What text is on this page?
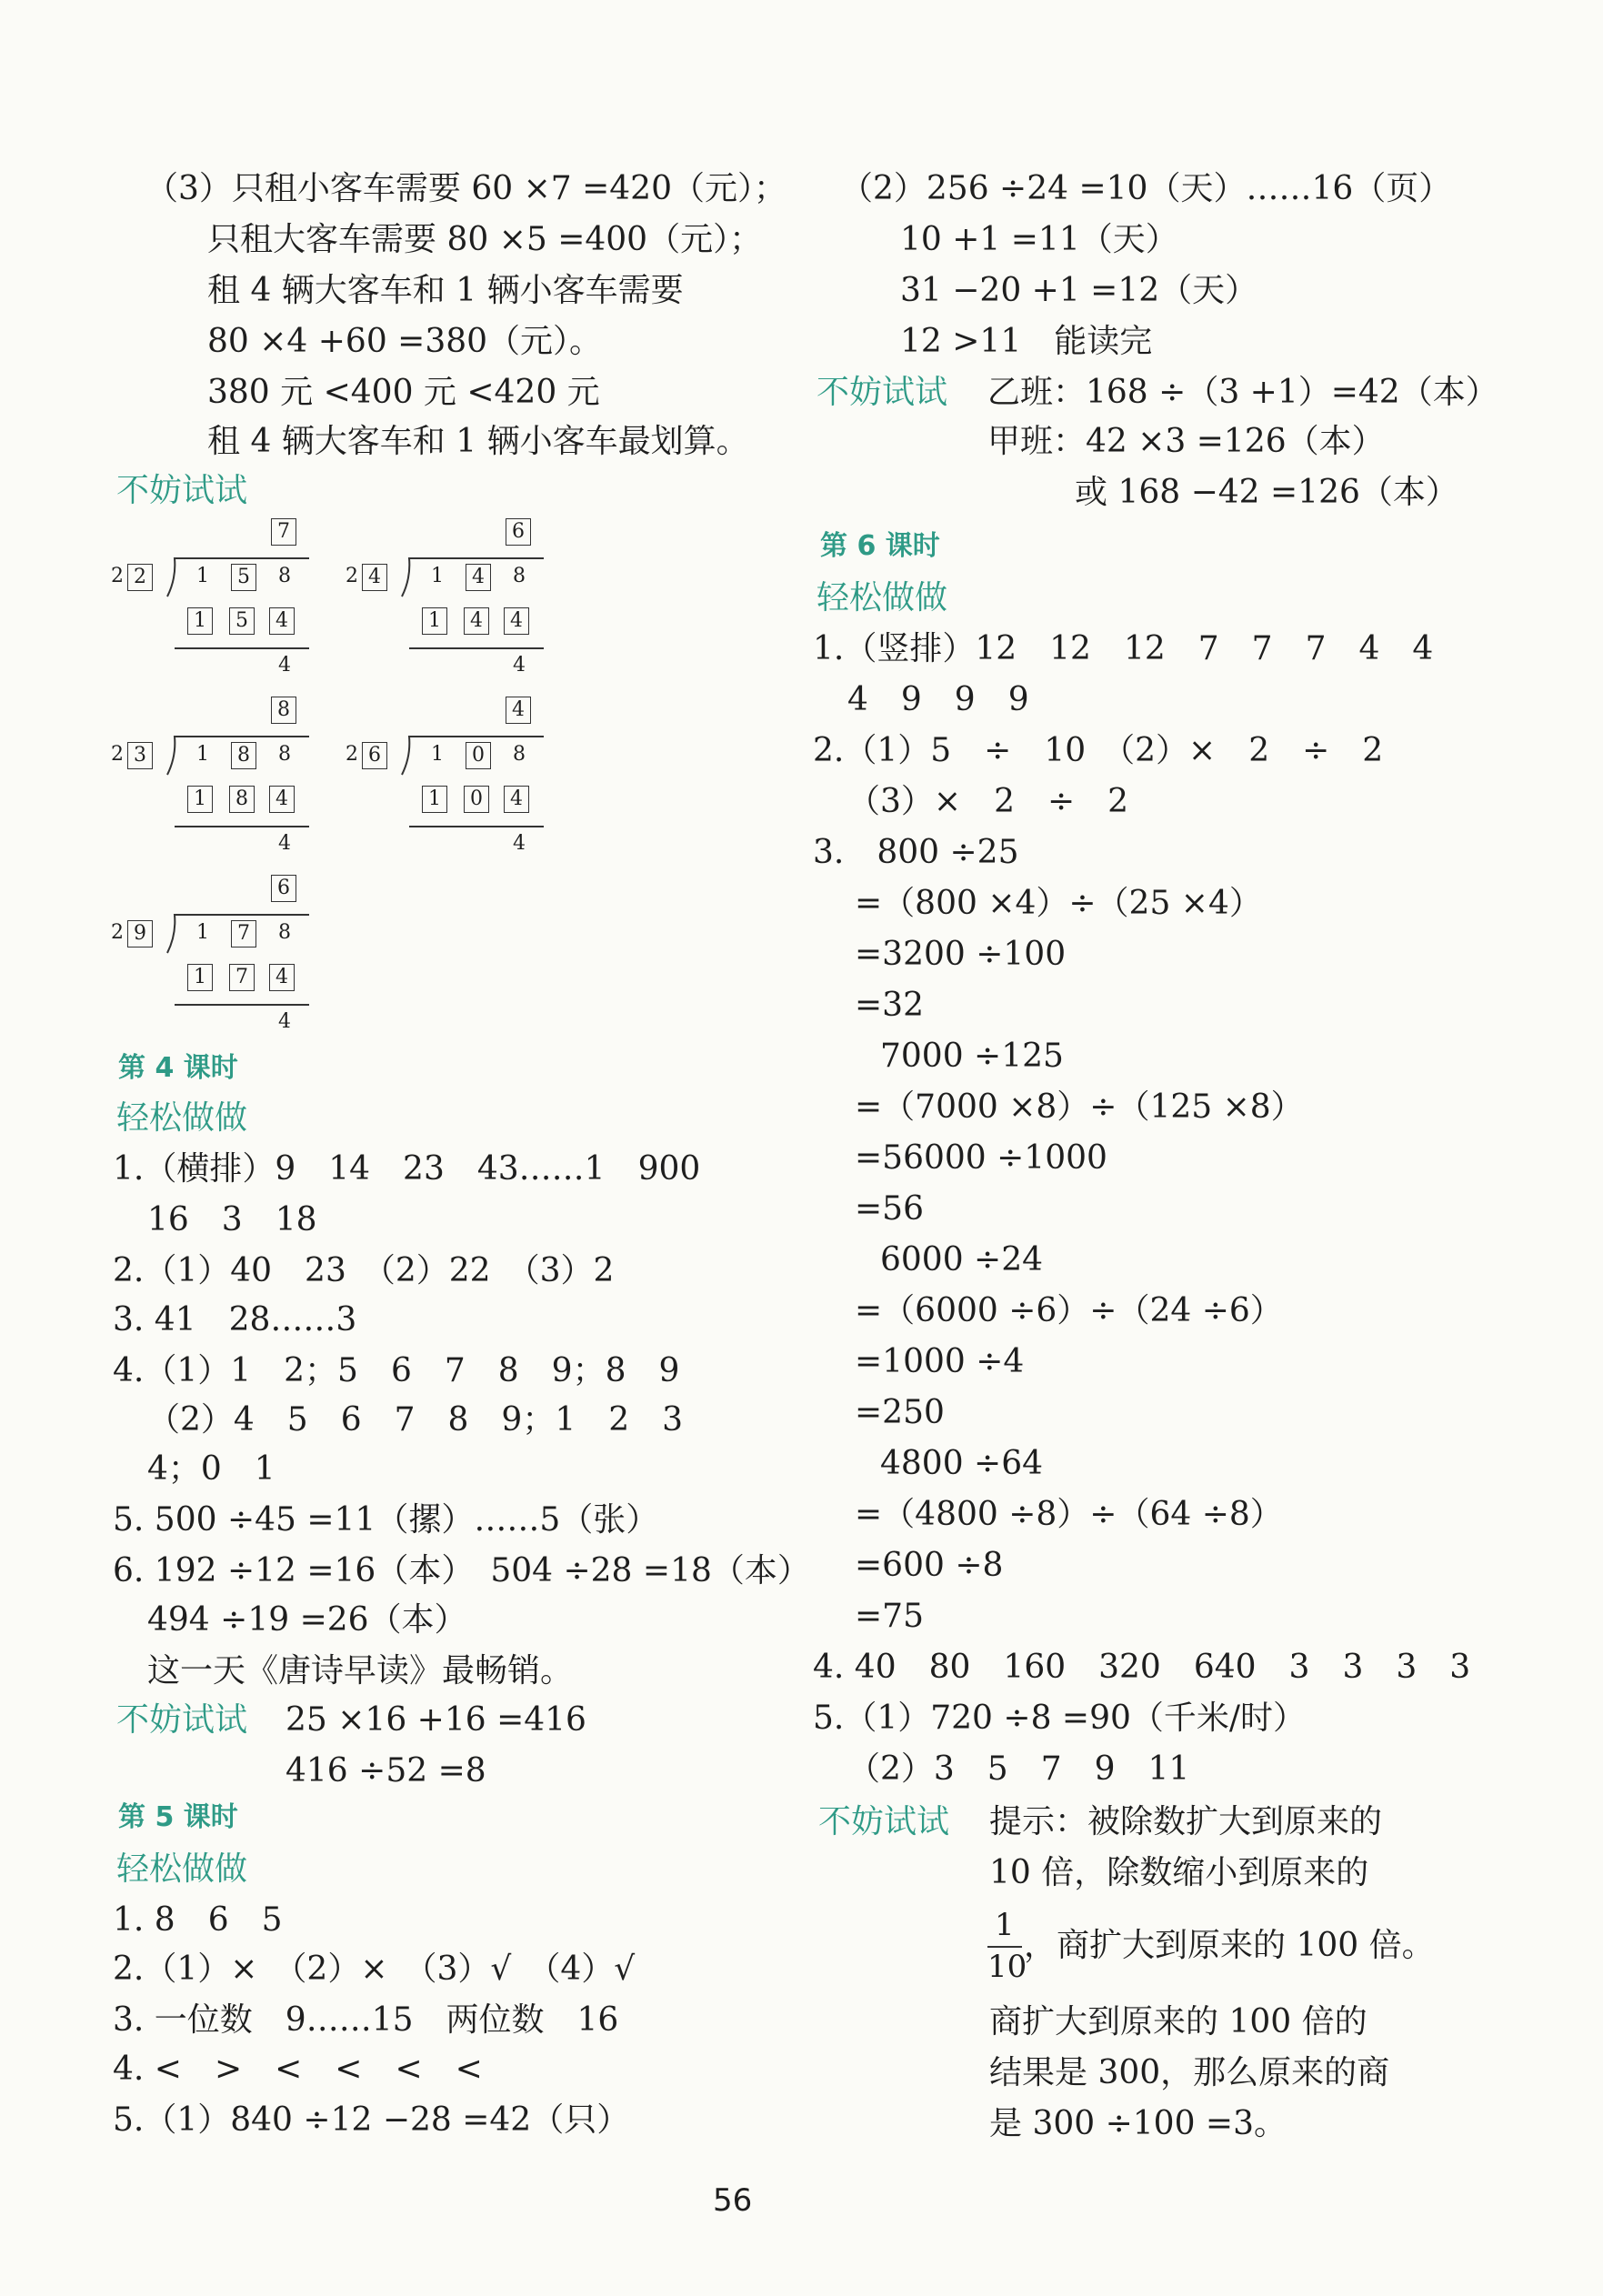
（3）只租小客车需要 60 ×7 =420（元）；
只租大客车需要 80 ×5 =400（元）；
租 4 辆大客车和 1 辆小客车需要
80 ×4 +60 =380（元）。
380 元 <400 元 <420 元
租 4 辆大客车和 1 辆小客车最划算。
不妨试试
7
2 2	1	5	8
1	5	4
4
6
2 4	1	4	8
1	4	4
4
8
2 3	1	8	8
1	8	4
4
4
2 6	1	0	8
1	0	4
4
6
2 9	1	7	8
1	7	4
4
第 4 课时
轻松做做
1.（横排）9　14　23　43……1　900
16　3　18
2.（1）40　23　（2）22　（3）2
3. 41　28……3
4.（1）1　2；5　6　7　8　9；8　9
（2）4　5　6　7　8　9；1　2　3
4；0　1
5. 500 ÷45 =11（摞）……5（张）
6. 192 ÷12 =16（本）　504 ÷28 =18（本）
494 ÷19 =26（本）
这一天《唐诗早读》最畅销。
不妨试试 25 ×16 +16 =416
416 ÷52 =8
第 5 课时
轻松做做
1. 8　6　5
2.（1）×　（2）×　（3）√　（4）√
3. 一位数　9……15　两位数　16
4. <　>　<　<　<　<
5.（1）840 ÷12 −28 =42（只）
（2）256 ÷24 =10（天）……16（页）
10 +1 =11（天）
31 −20 +1 =12（天）
12 >11　能读完
不妨试试 乙班：168 ÷（3 +1）=42（本）
甲班：42 ×3 =126（本）
或 168 −42 =126（本）
第 6 课时
轻松做做
1.（竖排）12　12　12　7　7　7　4　4
4　9　9　9
2.（1）5　÷　10　（2）×　2　÷　2
（3）×　2　÷　2
3.　800 ÷25
=（800 ×4）÷（25 ×4）
=3200 ÷100
=32
7000 ÷125
=（7000 ×8）÷（125 ×8）
=56000 ÷1000
=56
6000 ÷24
=（6000 ÷6）÷（24 ÷6）
=1000 ÷4
=250
4800 ÷64
=（4800 ÷8）÷（64 ÷8）
=600 ÷8
=75
4. 40　80　160　320　640　3　3　3　3
5.（1）720 ÷8 =90（千米/时）
（2）3　5　7　9　11
不妨试试 提示：被除数扩大到原来的
10 倍，除数缩小到原来的
1
10
，商扩大到原来的 100 倍。
商扩大到原来的 100 倍的
结果是 300，那么原来的商
是 300 ÷100 =3。
56
